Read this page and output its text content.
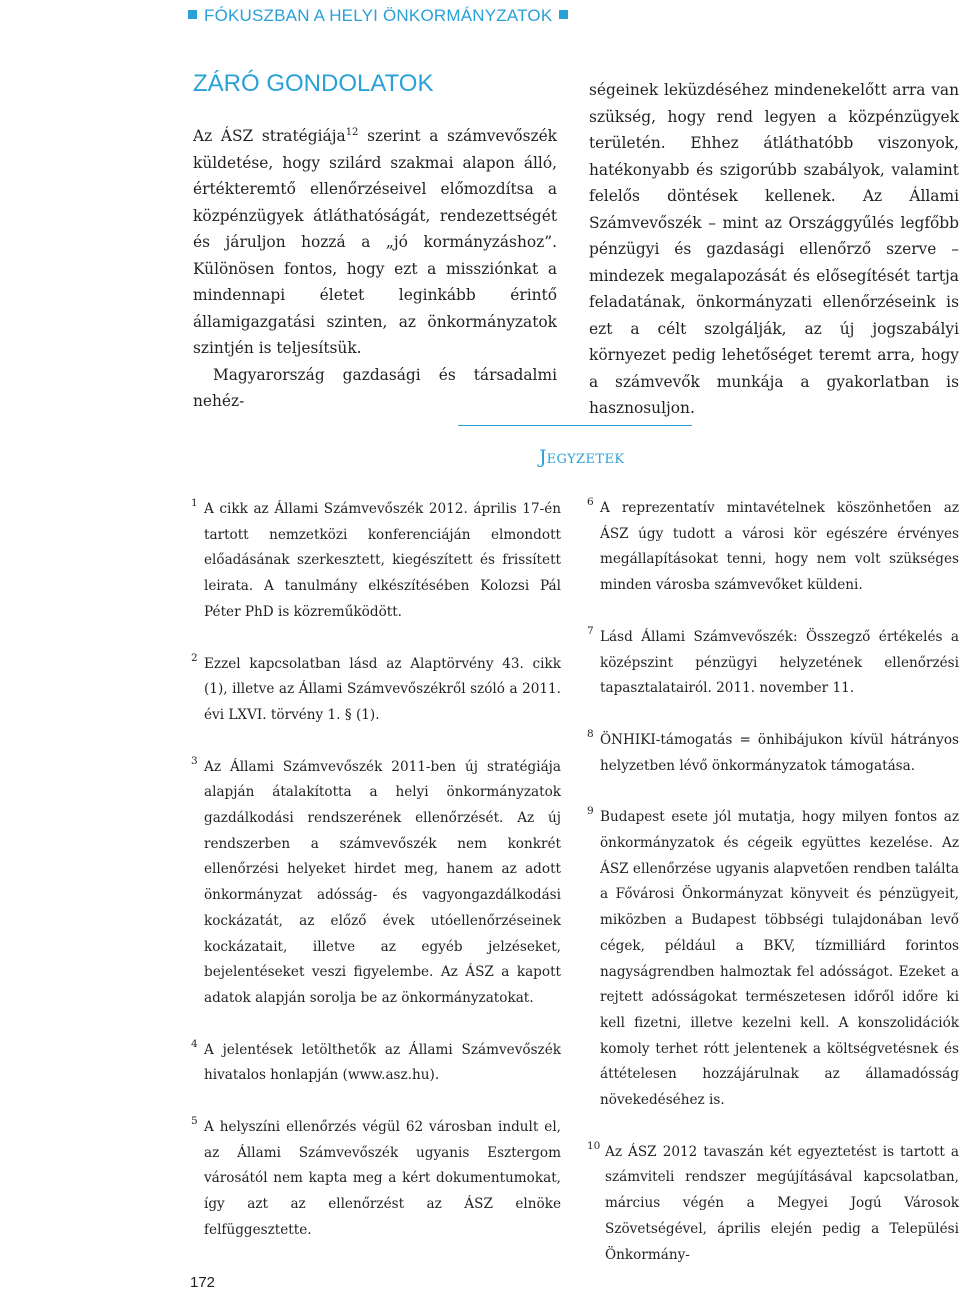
FÓKUSZBAN A HELYI ÖNKORMÁNYZATOK
ZÁRÓ GONDOLATOK

Az ÁSZ stratégiája$^{12}$ szerint a számvevőszék küldetése, hogy szilárd szakmai alapon álló, értékteremtő ellenőrzéseivel előmozdítsa a közpénzügyek átláthatóságát, rendezettségét és járuljon hozzá a „jó kormányzáshoz”. Különösen fontos, hogy ezt a missziónkat a mindennapi életet leginkább érintő államigazgatási szinten, az önkormányzatok szintjén is teljesítsük.

Magyarország gazdasági és társadalmi nehéz-

ségeinek leküzdéséhez mindenekelőtt arra van szükség, hogy rend legyen a közpénzügyek területén. Ehhez átláthatóbb viszonyok, hatékonyabb és szigorúbb szabályok, valamint felelős döntések kellenek. Az Állami Számvevőszék – mint az Országgyűlés legfőbb pénzügyi és gazdasági ellenőrző szerve – mindezek megalapozását és elősegítését tartja feladatának, önkormányzati ellenőrzéseink is ezt a célt szolgálják, az új jogszabályi környezet pedig lehetőséget teremt arra, hogy a számvevők munkája a gyakorlatban is hasznosuljon.

JEGYZETEK
1 A cikk az Állami Számvevőszék 2012. április 17-én tartott nemzetközi konferenciáján elmondott előadásának szerkesztett, kiegészített és frissített leirata. A tanulmány elkészítésében Kolozsi Pál Péter PhD is közreműködött.
2 Ezzel kapcsolatban lásd az Alaptörvény 43. cikk (1), illetve az Állami Számvevőszékről szóló a 2011. évi LXVI. törvény 1. § (1).
3 Az Állami Számvevőszék 2011-ben új stratégiája alapján átalakította a helyi önkormányzatok gazdálkodási rendszerének ellenőrzését. Az új rendszerben a számvevőszék nem konkrét ellenőrzési helyeket hirdet meg, hanem az adott önkormányzat adósság- és vagyongazdálkodási kockázatát, az előző évek utóellenőrzéseinek kockázatait, illetve az egyéb jelzéseket, bejelentéseket veszi figyelembe. Az ÁSZ a kapott adatok alapján sorolja be az önkormányzatokat.
4 A jelentések letölthetők az Állami Számvevőszék hivatalos honlapján (www.asz.hu).
5 A helyszíni ellenőrzés végül 62 városban indult el, az Állami Számvevőszék ugyanis Esztergom városától nem kapta meg a kért dokumentumokat, így azt az ellenőrzést az ÁSZ elnöke felfüggesztette.
6 A reprezentatív mintavételnek köszönhetően az ÁSZ úgy tudott a városi kör egészére érvényes megállapításokat tenni, hogy nem volt szükséges minden városba számvevőket küldeni.
7 Lásd Állami Számvevőszék: Összegző értékelés a középszint pénzügyi helyzetének ellenőrzési tapasztalatairól. 2011. november 11.
8 ÖNHIKI-támogatás = önhibájukon kívül hátrányos helyzetben lévő önkormányzatok támogatása.
9 Budapest esete jól mutatja, hogy milyen fontos az önkormányzatok és cégeik együttes kezelése. Az ÁSZ ellenőrzése ugyanis alapvetően rendben találta a Fővárosi Önkormányzat könyveit és pénzügyeit, miközben a Budapest többségi tulajdonában levő cégek, például a BKV, tízmilliárd forintos nagyságrendben halmoztak fel adósságot. Ezeket a rejtett adósságokat természetesen időről időre ki kell fizetni, illetve kezelni kell. A konszolidációk komoly terhet rótt jelentenek a költségvetésnek és áttételesen hozzájárulnak az államadósság növekedéséhez is.
10 Az ÁSZ 2012 tavaszán két egyeztetést is tartott a számviteli rendszer megújításával kapcsolatban, március végén a Megyei Jogú Városok Szövetségével, április elején pedig a Települési Önkormány-
172
